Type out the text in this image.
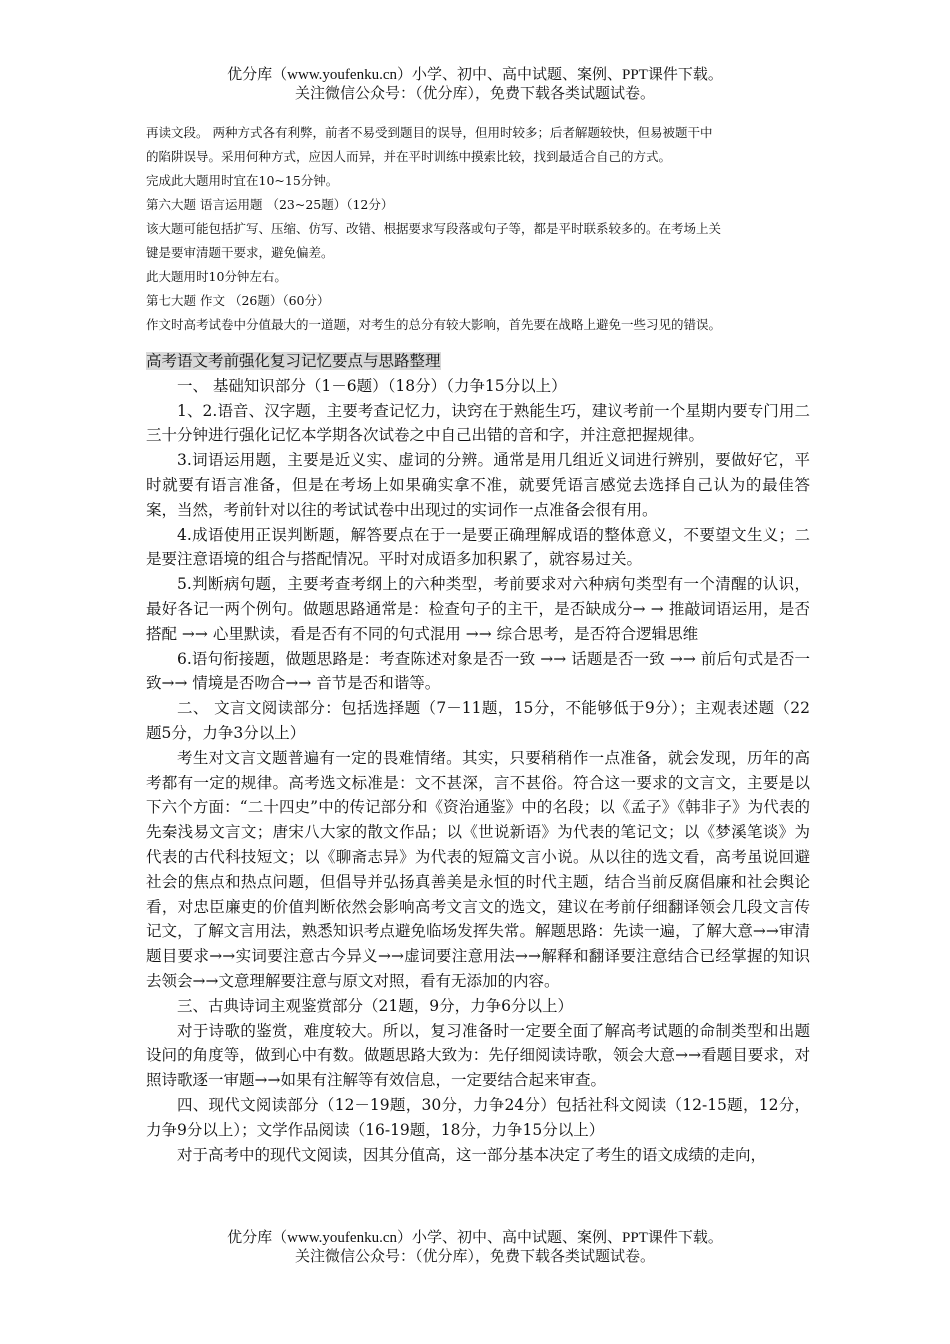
优分库（www.youfenku.cn）小学、初中、高中试题、案例、PPT课件下载。
关注微信公众号：（优分库），免费下载各类试题试卷。

再读文段。 两种方式各有利弊，前者不易受到题目的误导，但用时较多；后者解题较快，但易被题干中

的陷阱误导。采用何种方式，应因人而异，并在平时训练中摸索比较，找到最适合自己的方式。

完成此大题用时宜在10~15分钟。

第六大题 语言运用题 （23~25题）（12分）

该大题可能包括扩写、压缩、仿写、改错、根据要求写段落或句子等，都是平时联系较多的。在考场上关

键是要审清题干要求，避免偏差。

此大题用时10分钟左右。

第七大题 作文 （26题）（60分）

作文时高考试卷中分值最大的一道题，对考生的总分有较大影响，首先要在战略上避免一些习见的错误。

高考语文考前强化复习记忆要点与思路整理

一、 基础知识部分（1－6题）（18分）（力争15分以上）

1、2.语音、汉字题，主要考查记忆力，诀窍在于熟能生巧，建议考前一个星期内要专门用二三十分钟进行强化记忆本学期各次试卷之中自己出错的音和字，并注意把握规律。

3.词语运用题，主要是近义实、虚词的分辨。通常是用几组近义词进行辨别，要做好它，平时就要有语言准备，但是在考场上如果确实拿不准，就要凭语言感觉去选择自己认为的最佳答案，当然，考前针对以往的考试试卷中出现过的实词作一点准备会很有用。

4.成语使用正误判断题，解答要点在于一是要正确理解成语的整体意义，不要望文生义；二是要注意语境的组合与搭配情况。平时对成语多加积累了，就容易过关。

5.判断病句题，主要考查考纲上的六种类型，考前要求对六种病句类型有一个清醒的认识，最好各记一两个例句。做题思路通常是：检查句子的主干，是否缺成分→ → 推敲词语运用，是否搭配 →→ 心里默读，看是否有不同的句式混用 →→ 综合思考，是否符合逻辑思维

6.语句衔接题，做题思路是：考查陈述对象是否一致 →→ 话题是否一致 →→ 前后句式是否一致→→ 情境是否吻合→→ 音节是否和谐等。

二、 文言文阅读部分：包括选择题（7－11题，15分，不能够低于9分）；主观表述题（22题5分，力争3分以上）

考生对文言文题普遍有一定的畏难情绪。其实，只要稍稍作一点准备，就会发现，历年的高考都有一定的规律。高考选文标准是：文不甚深，言不甚俗。符合这一要求的文言文，主要是以下六个方面：“二十四史”中的传记部分和《资治通鉴》中的名段；以《孟子》《韩非子》为代表的先秦浅易文言文；唐宋八大家的散文作品；以《世说新语》为代表的笔记文；以《梦溪笔谈》为代表的古代科技短文；以《聊斋志异》为代表的短篇文言小说。从以往的选文看，高考虽说回避社会的焦点和热点问题，但倡导并弘扬真善美是永恒的时代主题，结合当前反腐倡廉和社会舆论看，对忠臣廉吏的价值判断依然会影响高考文言文的选文，建议在考前仔细翻译领会几段文言传记文，了解文言用法，熟悉知识考点避免临场发挥失常。解题思路：先读一遍，了解大意→→审清题目要求→→实词要注意古今异义→→虚词要注意用法→→解释和翻译要注意结合已经掌握的知识去领会→→文意理解要注意与原文对照，看有无添加的内容。

三、古典诗词主观鉴赏部分（21题，9分，力争6分以上）

对于诗歌的鉴赏，难度较大。所以，复习准备时一定要全面了解高考试题的命制类型和出题设问的角度等，做到心中有数。做题思路大致为：先仔细阅读诗歌，领会大意→→看题目要求，对照诗歌逐一审题→→如果有注解等有效信息，一定要结合起来审查。

四、现代文阅读部分（12－19题，30分，力争24分）包括社科文阅读（12-15题，12分，力争9分以上）；文学作品阅读（16-19题，18分，力争15分以上）

对于高考中的现代文阅读，因其分值高，这一部分基本决定了考生的语文成绩的走向，

优分库（www.youfenku.cn）小学、初中、高中试题、案例、PPT课件下载。
关注微信公众号：（优分库），免费下载各类试题试卷。
